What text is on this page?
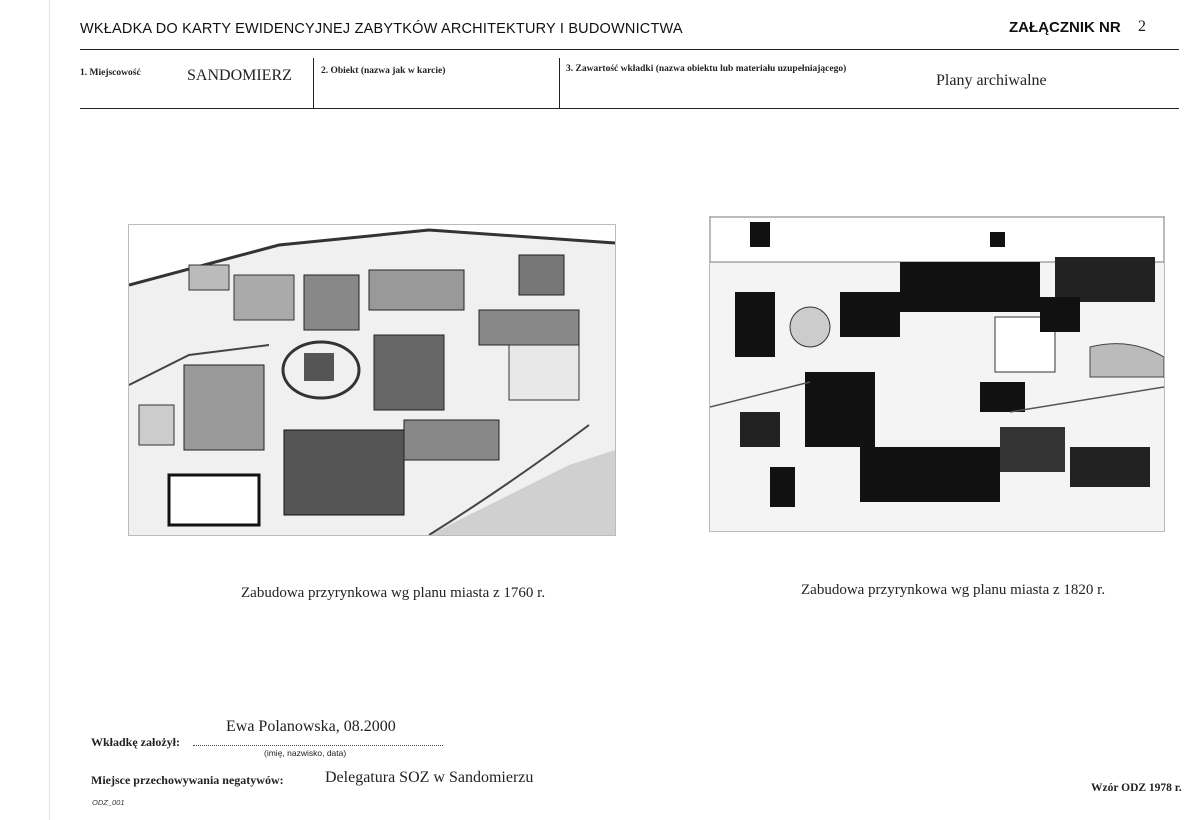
WKŁADKA DO KARTY EWIDENCYJNEJ ZABYTKÓW ARCHITEKTURY I BUDOWNICTWA	ZAŁĄCZNIK NR 2
1. Miejscowość	SANDOMIERZ	2. Obiekt (nazwa jak w karcie)	3. Zawartość wkładki (nazwa obiektu lub materiału uzupełniającego)
Plany archiwalne
Zabudowa przyrynkowa wg planu miasta z 1760 r.	Zabudowa przyrynkowa wg planu miasta z 1820 r.
Ewa Polanowska, 08.2000
Wkładkę założył:
(imię, nazwisko, data)
Miejsce przechowywania negatywów:	Delegatura SOZ w Sandomierzu
ODZ_001
Wzór ODZ 1978 r.
